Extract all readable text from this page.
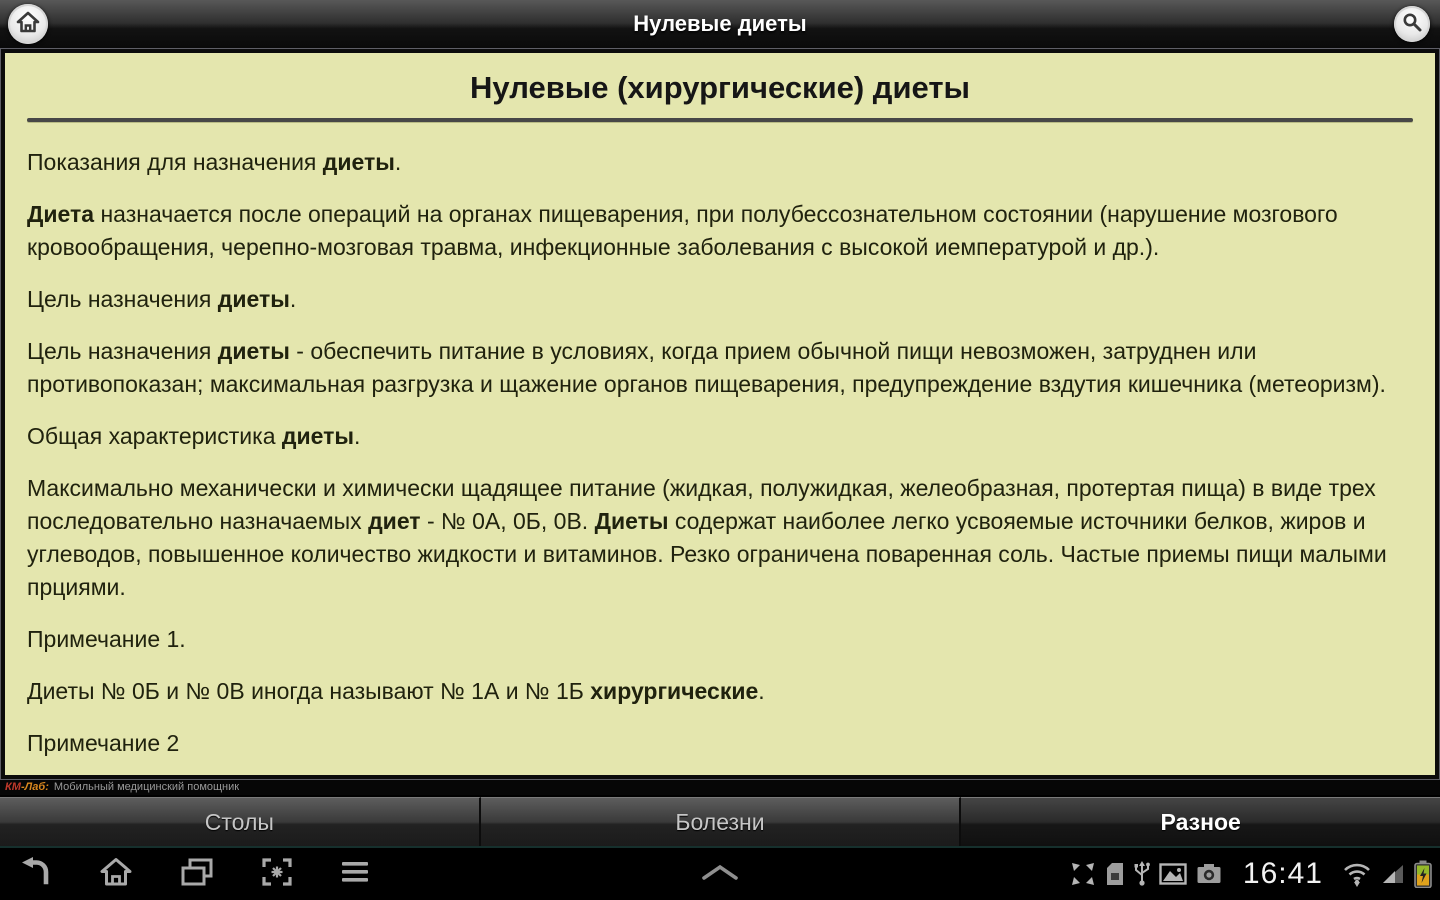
Нулевые диеты
Нулевые (хирургические) диеты
Показания для назначения диеты.
Диета назначается после операций на органах пищеварения, при полубессознательном состоянии (нарушение мозгового кровообращения, черепно-мозговая травма, инфекционные заболевания с высокой иемпературой и др.).
Цель назначения диеты.
Цель назначения диеты - обеспечить питание в условиях, когда прием обычной пищи невозможен, затруднен или противопоказан; максимальная разгрузка и щажение органов пищеварения, предупреждение вздутия кишечника (метеоризм).
Общая характеристика диеты.
Максимально механически и химически щадящее питание (жидкая, полужидкая, желеобразная, протертая пища) в виде трех последовательно назначаемых диет - № 0А, 0Б, 0В. Диеты содержат наиболее легко усвояемые источники белков, жиров и углеводов, повышенное количество жидкости и витаминов. Резко ограничена поваренная соль. Частые приемы пищи малыми прциями.
Примечание 1.
Диеты № 0Б и № 0В иногда называют № 1А и № 1Б хирургические.
Примечание 2
КМ-Лаб: Мобильный медицинский помощник
Столы	Болезни	Разное
16:41
